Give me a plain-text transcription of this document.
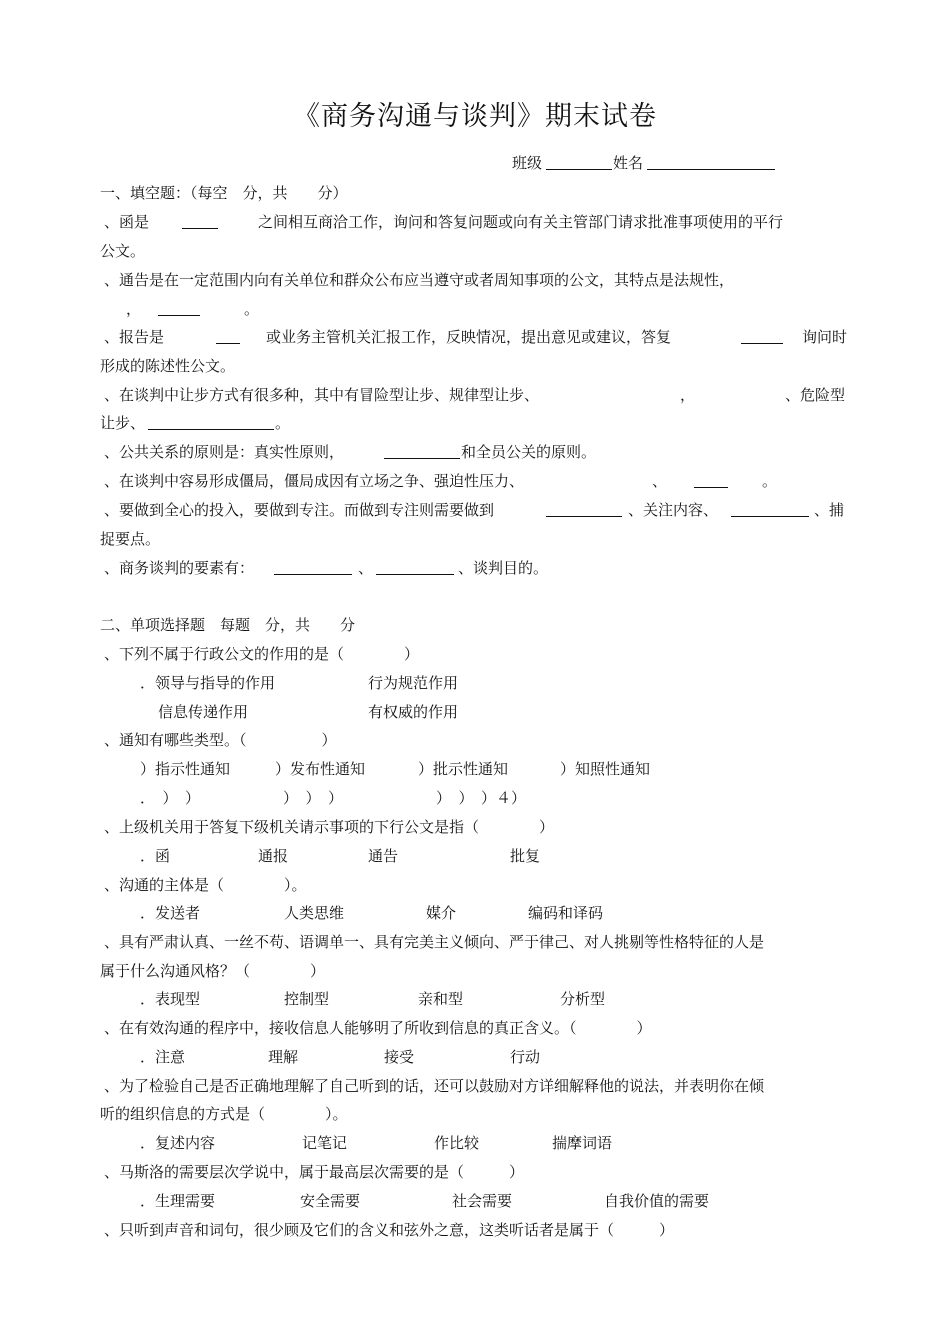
《商务沟通与谈判》期末试卷
班级	姓名
一、填空题：（每空　分，共　　分）
、函是	之间相互商洽工作，询问和答复问题或向有关主管部门请求批准事项使用的平行
公文。
、通告是在一定范围内向有关单位和群众公布应当遵守或者周知事项的公文，其特点是法规性，
，	。
、报告是	或业务主管机关汇报工作，反映情况，提出意见或建议，答复	询问时
形成的陈述性公文。
、在谈判中让步方式有很多种，其中有冒险型让步、规律型让步、	，	、危险型
让步、	。
、公共关系的原则是：真实性原则，	和全员公关的原则。
、在谈判中容易形成僵局，僵局成因有立场之争、强迫性压力、	、	。
、要做到全心的投入，要做到专注。而做到专注则需要做到	、关注内容、	、捕
捉要点。
、商务谈判的要素有：	、	、谈判目的。
二、单项选择题　每题　分，共　　分
、下列不属于行政公文的作用的是（　　　　）
．领导与指导的作用	行为规范作用
信息传递作用	有权威的作用
、通知有哪些类型。（　　　　　）
）指示性通知	）发布性通知	）批示性通知	）知照性通知
．　）　）	）　）　）	）　）　）４）
、上级机关用于答复下级机关请示事项的下行公文是指（　　　　）
．函	通报	通告	批复
、沟通的主体是（　　　　）。
．发送者	人类思维	媒介	编码和译码
、具有严肃认真、一丝不苟、语调单一、具有完美主义倾向、严于律己、对人挑剔等性格特征的人是
属于什么沟通风格？（　　　　）
．表现型	控制型	亲和型	分析型
、在有效沟通的程序中，接收信息人能够明了所收到信息的真正含义。（　　　　）
．注意	理解	接受	行动
、为了检验自己是否正确地理解了自己听到的话，还可以鼓励对方详细解释他的说法，并表明你在倾
听的组织信息的方式是（　　　　）。
．复述内容	记笔记	作比较	揣摩词语
、马斯洛的需要层次学说中，属于最高层次需要的是（　　　）
．生理需要	安全需要	社会需要	自我价值的需要
、只听到声音和词句，很少顾及它们的含义和弦外之意，这类听话者是属于（　　　）
